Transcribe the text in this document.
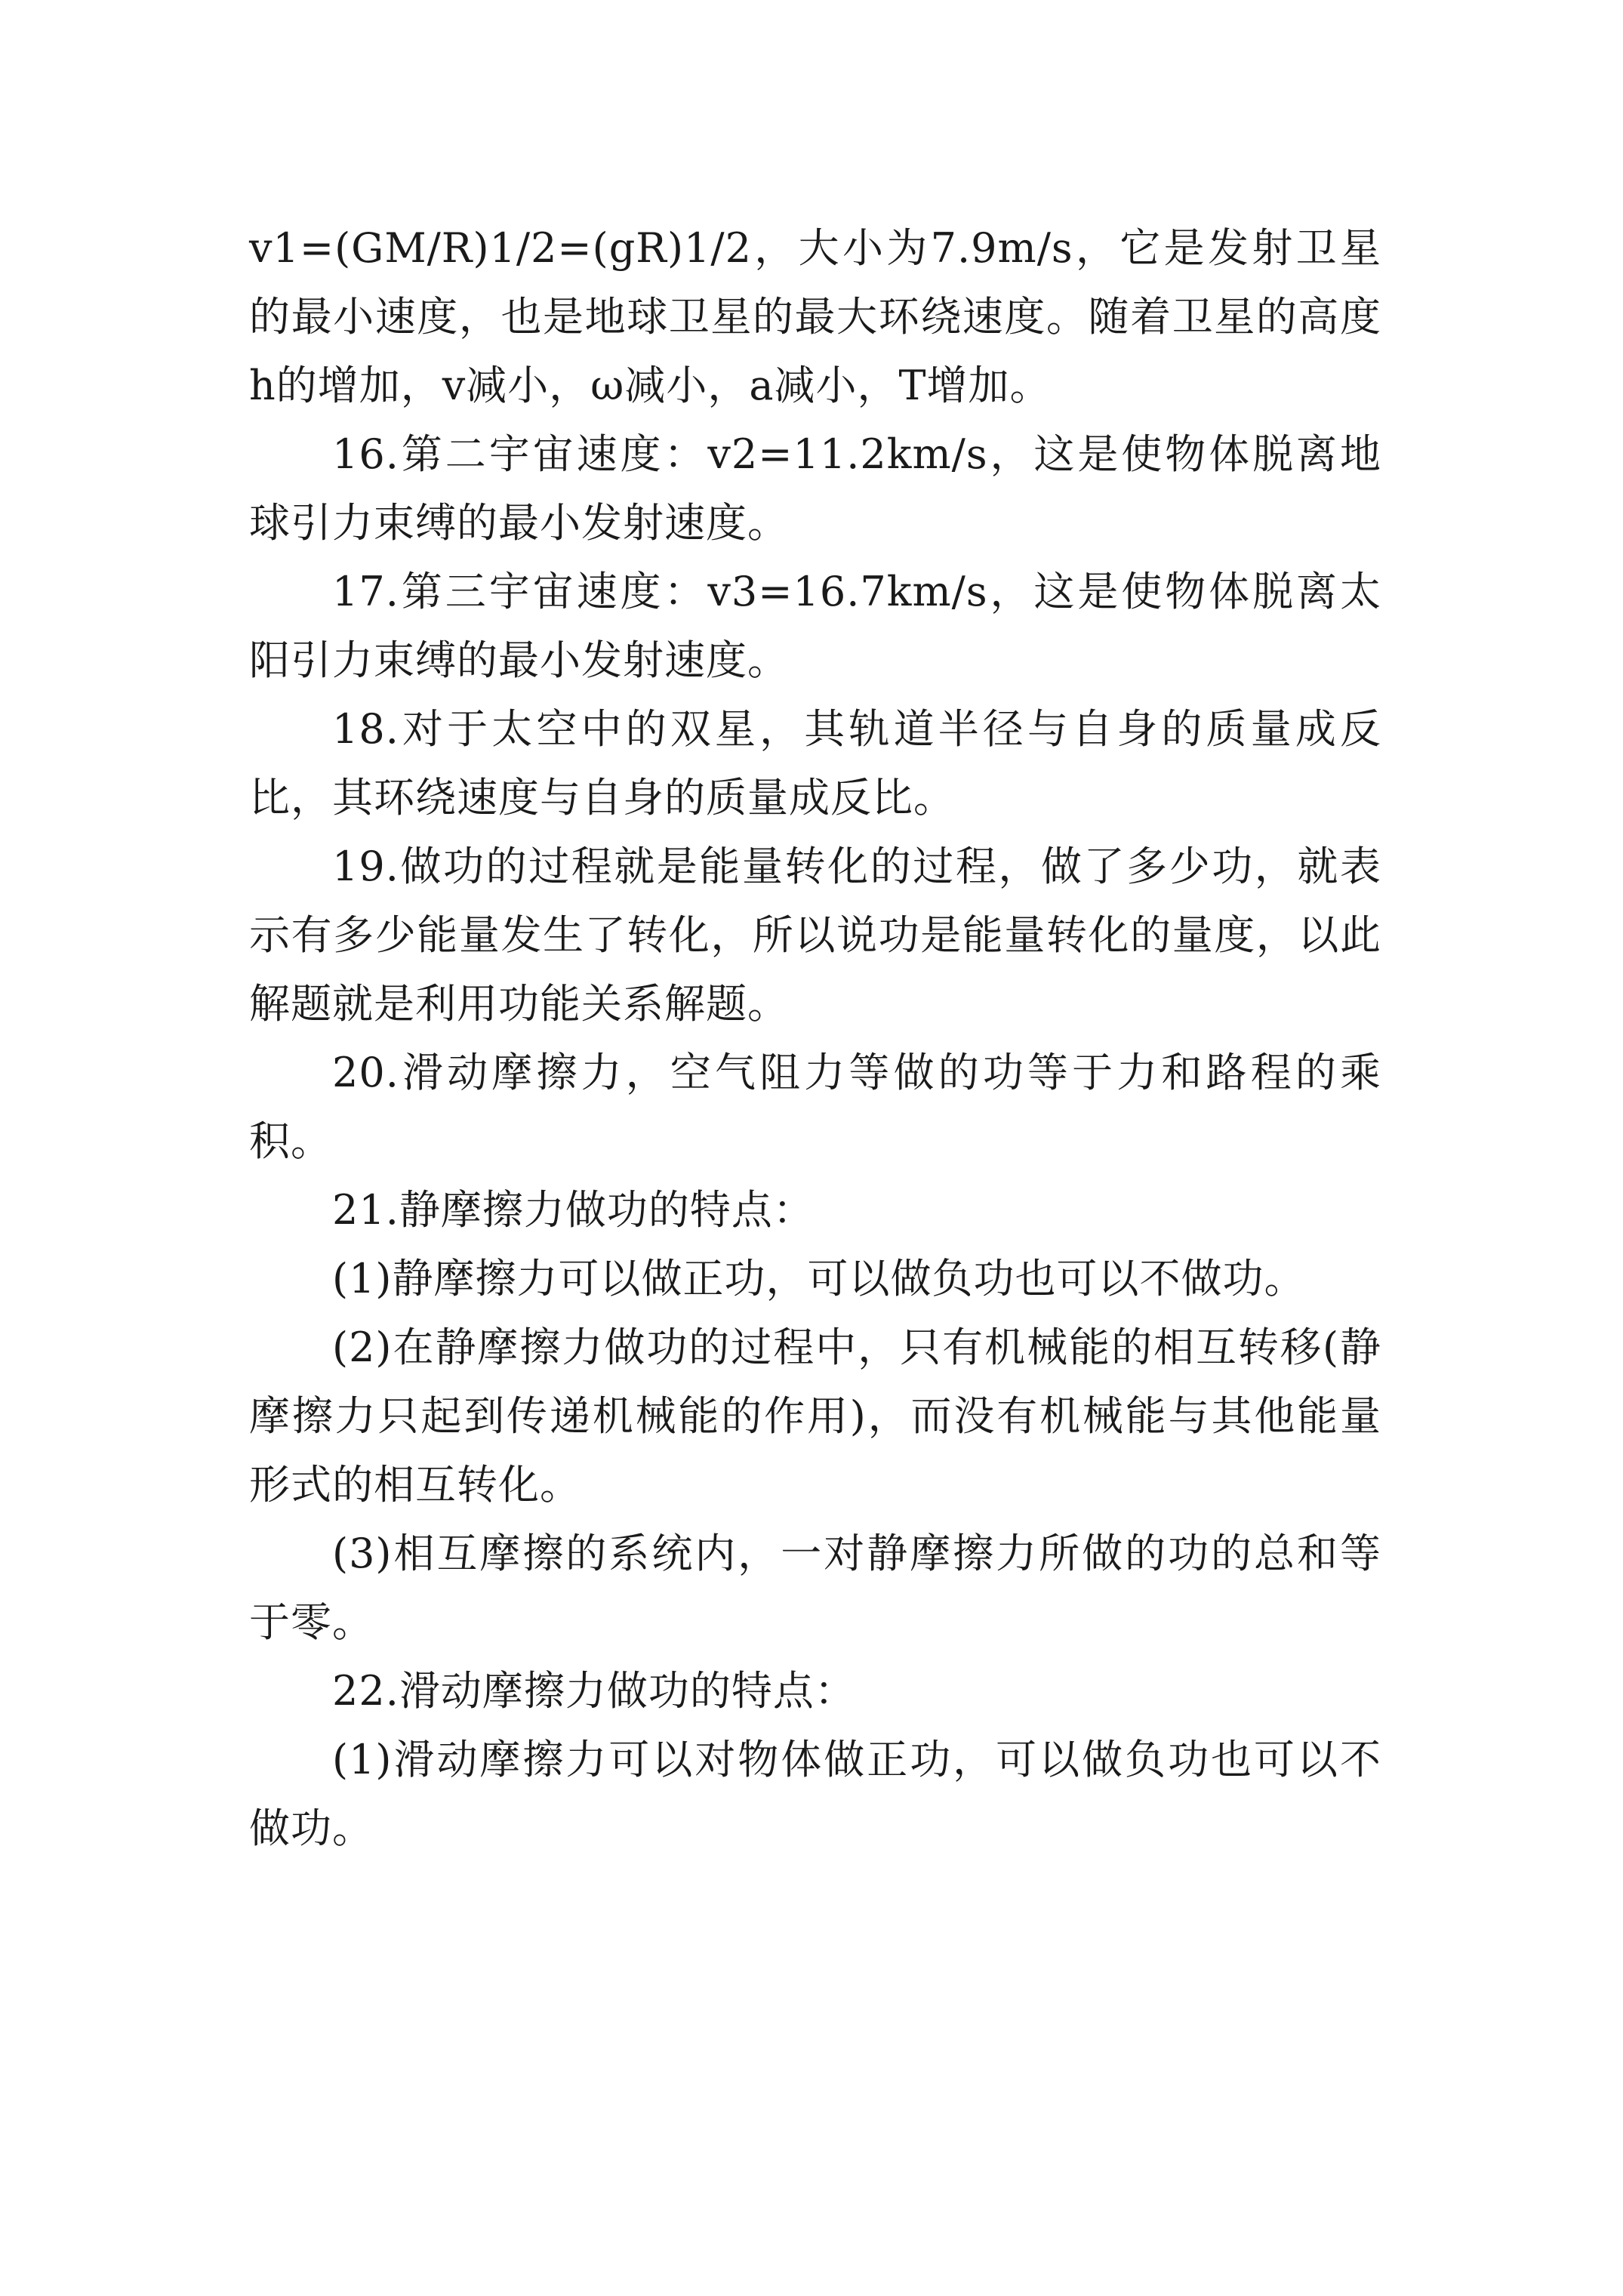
v1=(GM/R)1/2=(gR)1/2，大小为7.9m/s，它是发射卫星的最小速度，也是地球卫星的最大环绕速度。随着卫星的高度h的增加，v减小，ω减小，a减小，T增加。

16.第二宇宙速度：v2=11.2km/s，这是使物体脱离地球引力束缚的最小发射速度。

17.第三宇宙速度：v3=16.7km/s，这是使物体脱离太阳引力束缚的最小发射速度。

18.对于太空中的双星，其轨道半径与自身的质量成反比，其环绕速度与自身的质量成反比。

19.做功的过程就是能量转化的过程，做了多少功，就表示有多少能量发生了转化，所以说功是能量转化的量度，以此解题就是利用功能关系解题。

20.滑动摩擦力，空气阻力等做的功等于力和路程的乘积。

21.静摩擦力做功的特点：

(1)静摩擦力可以做正功，可以做负功也可以不做功。

(2)在静摩擦力做功的过程中，只有机械能的相互转移(静摩擦力只起到传递机械能的作用)，而没有机械能与其他能量形式的相互转化。

(3)相互摩擦的系统内，一对静摩擦力所做的功的总和等于零。

22.滑动摩擦力做功的特点：

(1)滑动摩擦力可以对物体做正功，可以做负功也可以不做功。
